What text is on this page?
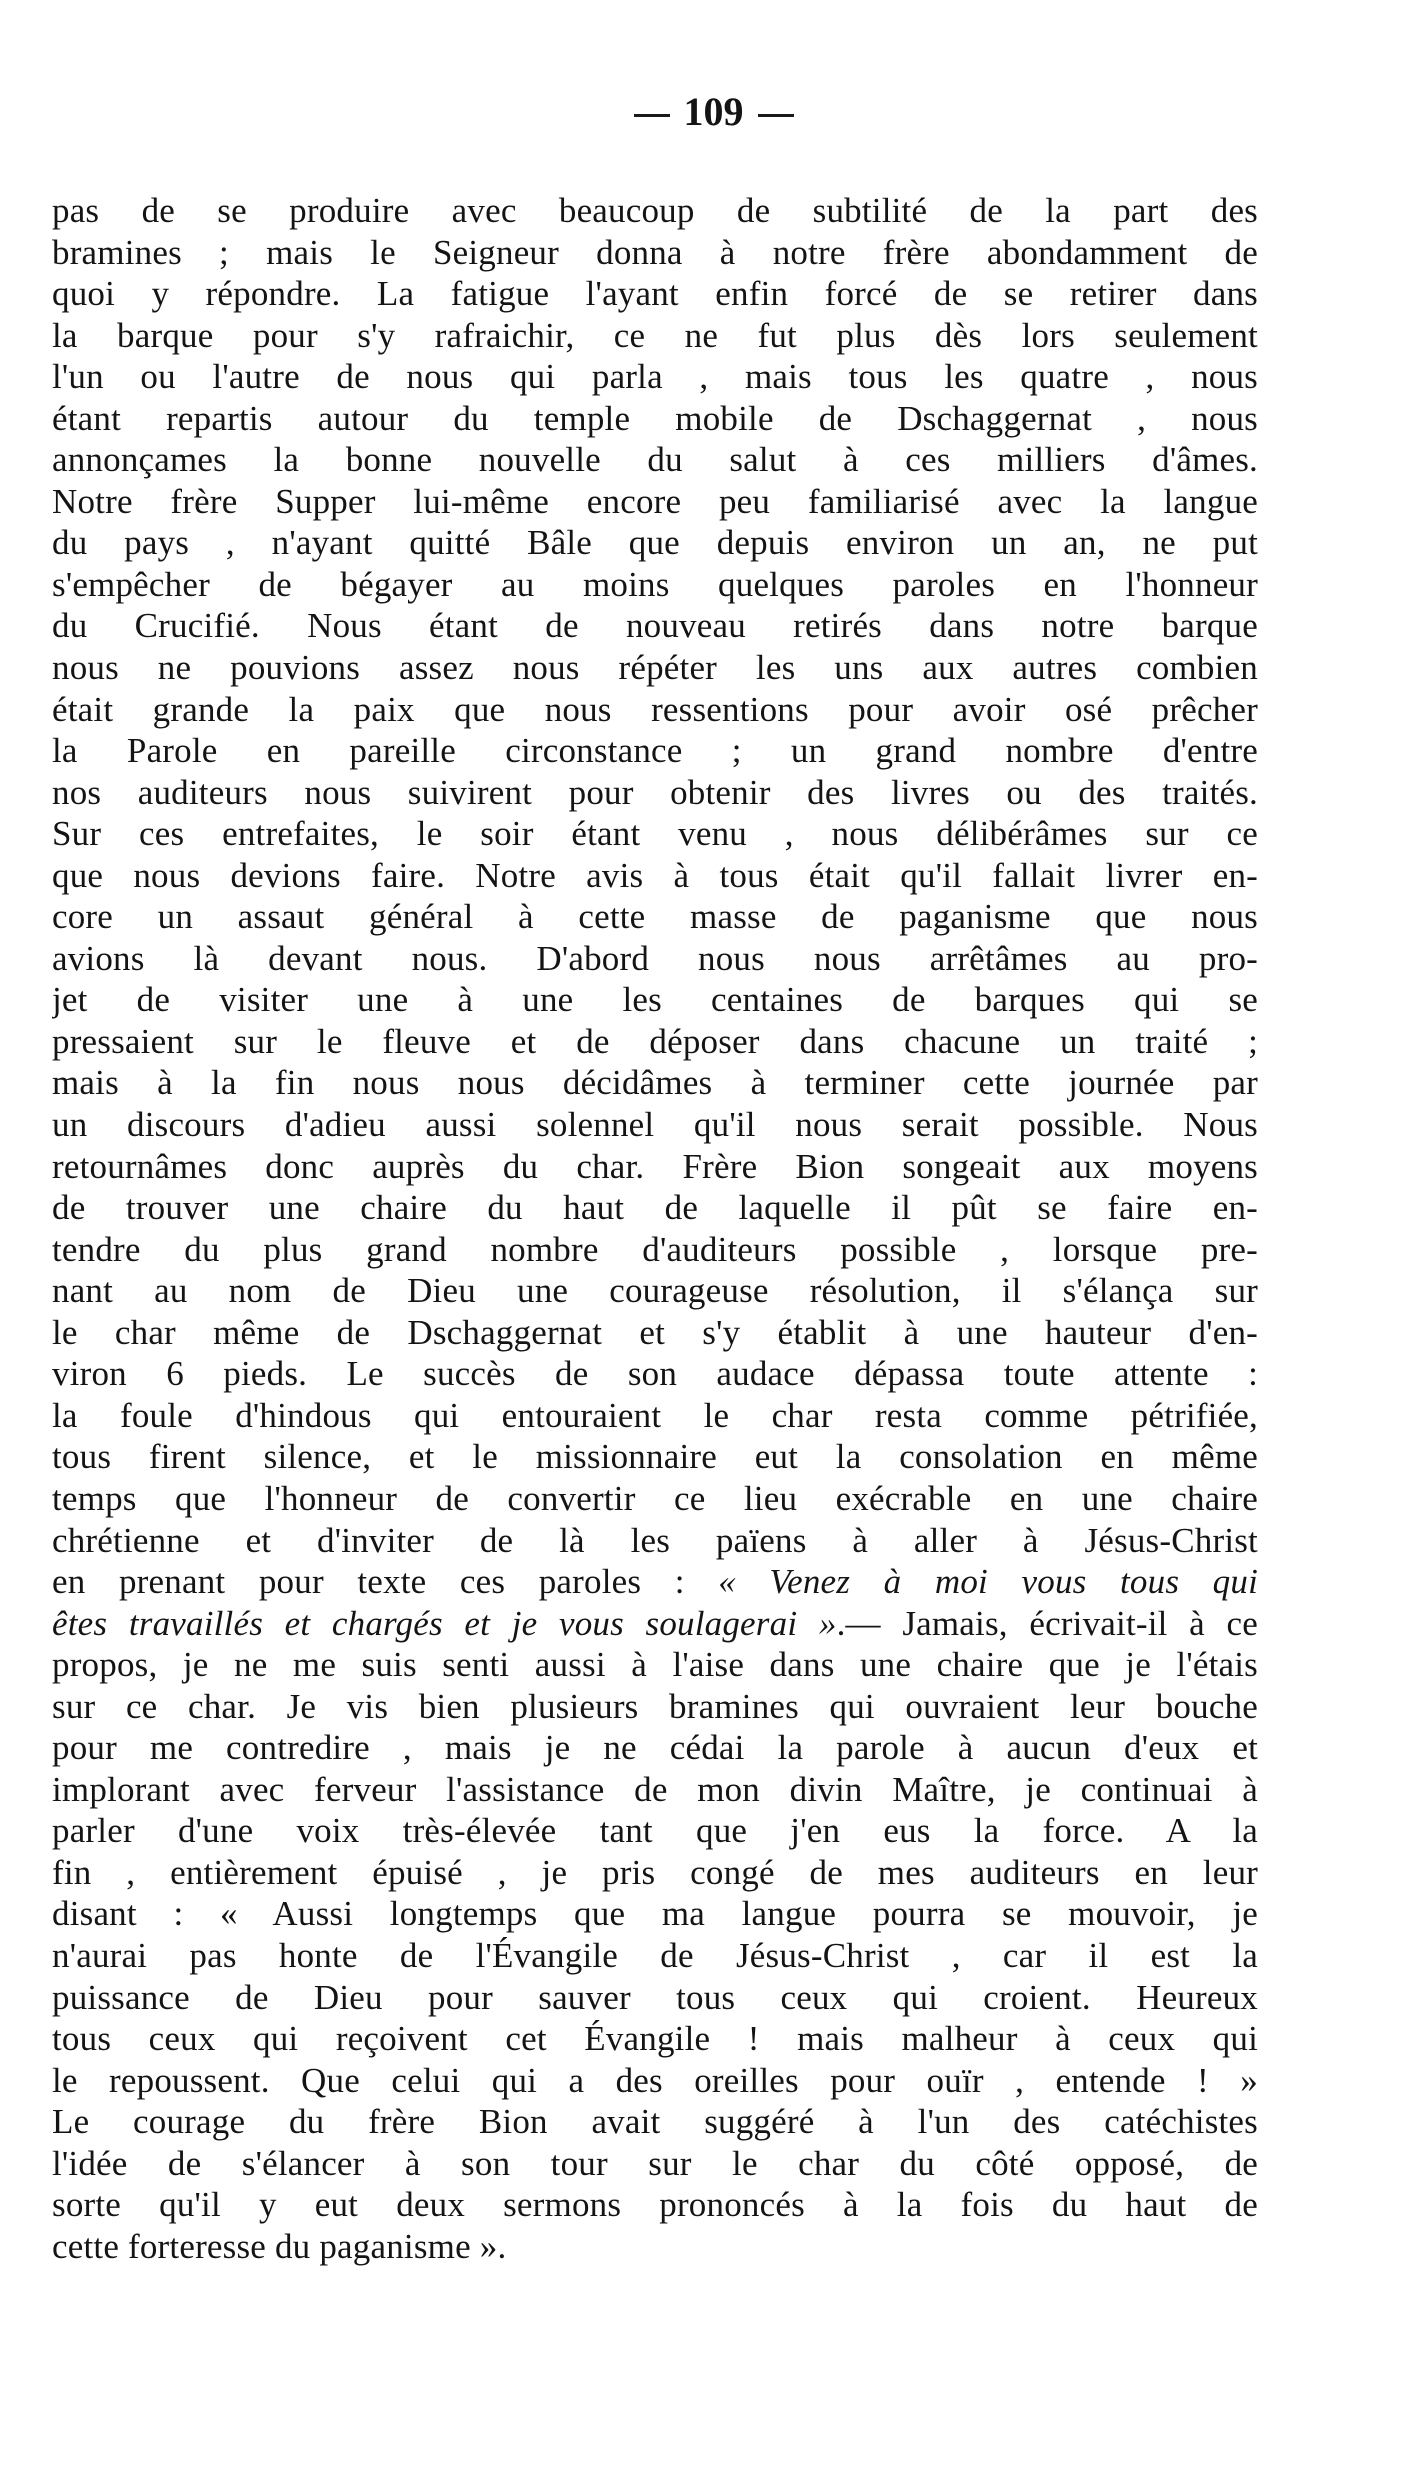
109
pas de se produire avec beaucoup de subtilité de la part des
bramines ; mais le Seigneur donna à notre frère abondamment de
quoi y répondre. La fatigue l'ayant enfin forcé de se retirer dans
la barque pour s'y rafraichir, ce ne fut plus dès lors seulement
l'un ou l'autre de nous qui parla , mais tous les quatre , nous
étant repartis autour du temple mobile de Dschaggernat , nous
annonçames la bonne nouvelle du salut à ces milliers d'âmes.
Notre frère Supper lui-même encore peu familiarisé avec la langue
du pays , n'ayant quitté Bâle que depuis environ un an, ne put
s'empêcher de bégayer au moins quelques paroles en l'honneur
du Crucifié. Nous étant de nouveau retirés dans notre barque
nous ne pouvions assez nous répéter les uns aux autres combien
était grande la paix que nous ressentions pour avoir osé prêcher
la Parole en pareille circonstance ; un grand nombre d'entre
nos auditeurs nous suivirent pour obtenir des livres ou des traités.
Sur ces entrefaites, le soir étant venu , nous délibérâmes sur ce
que nous devions faire. Notre avis à tous était qu'il fallait livrer en-
core un assaut général à cette masse de paganisme que nous
avions là devant nous. D'abord nous nous arrêtâmes au pro-
jet de visiter une à une les centaines de barques qui se
pressaient sur le fleuve et de déposer dans chacune un traité ;
mais à la fin nous nous décidâmes à terminer cette journée par
un discours d'adieu aussi solennel qu'il nous serait possible. Nous
retournâmes donc auprès du char. Frère Bion songeait aux moyens
de trouver une chaire du haut de laquelle il pût se faire en-
tendre du plus grand nombre d'auditeurs possible , lorsque pre-
nant au nom de Dieu une courageuse résolution, il s'élança sur
le char même de Dschaggernat et s'y établit à une hauteur d'en-
viron 6 pieds. Le succès de son audace dépassa toute attente :
la foule d'hindous qui entouraient le char resta comme pétrifiée,
tous firent silence, et le missionnaire eut la consolation en même
temps que l'honneur de convertir ce lieu exécrable en une chaire
chrétienne et d'inviter de là les païens à aller à Jésus-Christ
en prenant pour texte ces paroles : « Venez à moi vous tous qui
êtes travaillés et chargés et je vous soulagerai ».— Jamais, écrivait-il à ce
propos, je ne me suis senti aussi à l'aise dans une chaire que je l'étais
sur ce char. Je vis bien plusieurs bramines qui ouvraient leur bouche
pour me contredire , mais je ne cédai la parole à aucun d'eux et
implorant avec ferveur l'assistance de mon divin Maître, je continuai à
parler d'une voix très-élevée tant que j'en eus la force. A la
fin , entièrement épuisé , je pris congé de mes auditeurs en leur
disant : « Aussi longtemps que ma langue pourra se mouvoir, je
n'aurai pas honte de l'Évangile de Jésus-Christ , car il est la
puissance de Dieu pour sauver tous ceux qui croient. Heureux
tous ceux qui reçoivent cet Évangile ! mais malheur à ceux qui
le repoussent. Que celui qui a des oreilles pour ouïr , entende ! »
Le courage du frère Bion avait suggéré à l'un des catéchistes
l'idée de s'élancer à son tour sur le char du côté opposé, de
sorte qu'il y eut deux sermons prononcés à la fois du haut de
cette forteresse du paganisme ».
